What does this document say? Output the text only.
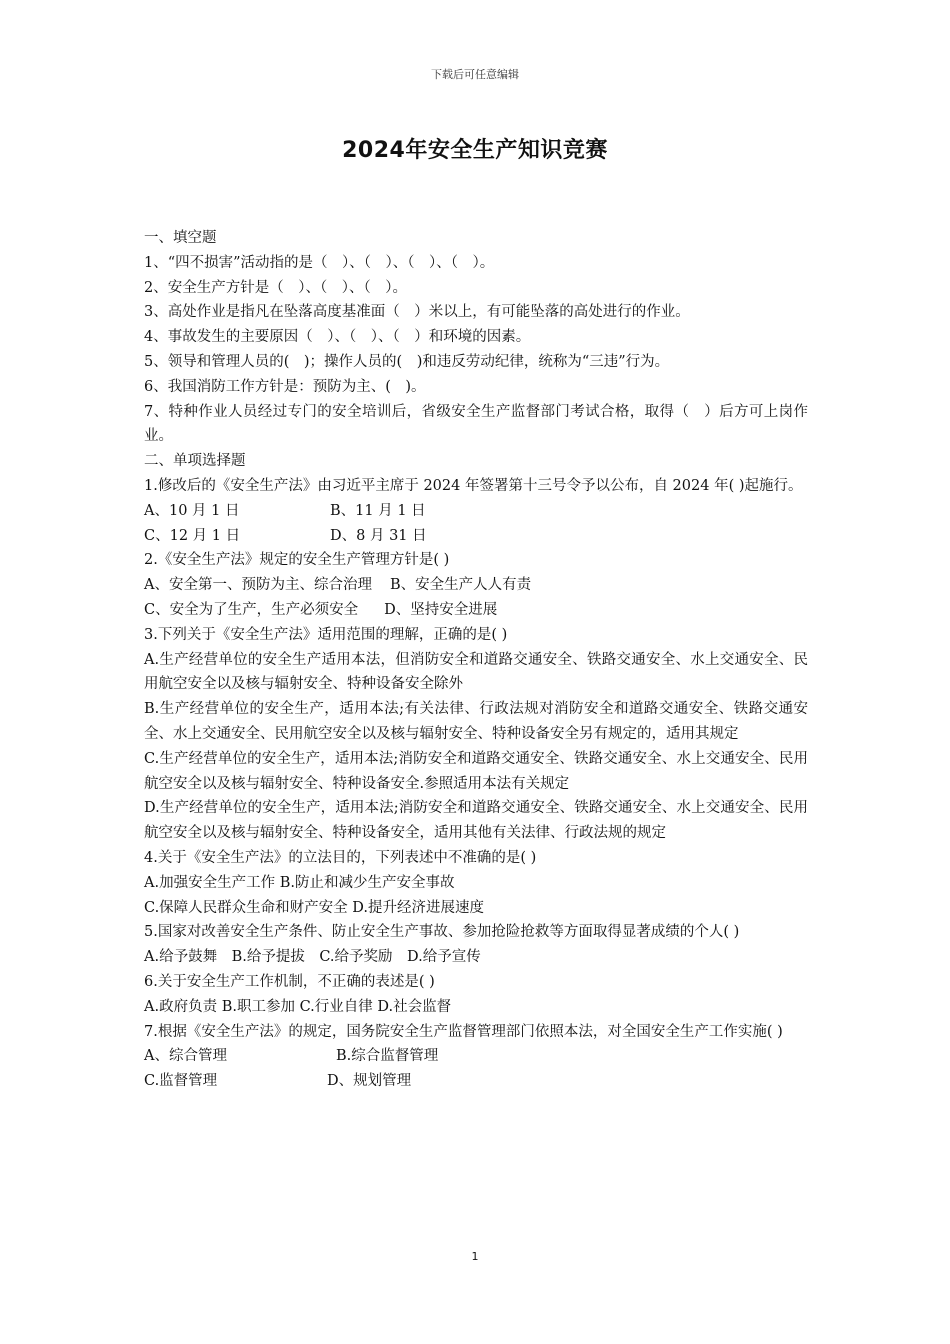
下载后可任意编辑
2024年安全生产知识竞赛
一、填空题
1、“四不损害”活动指的是（　）、（　）、（　）、（　）。
2、安全生产方针是（　）、（　）、（　）。
3、高处作业是指凡在坠落高度基准面（　）米以上，有可能坠落的高处进行的作业。
4、事故发生的主要原因（　）、（　）、（　）和环境的因素。
5、领导和管理人员的(　)；操作人员的(　)和违反劳动纪律，统称为“三违”行为。
6、我国消防工作方针是：预防为主、(　)。
7、特种作业人员经过专门的安全培训后，省级安全生产监督部门考试合格，取得（　）后方可上岗作业。
二、单项选择题
1.修改后的《安全生产法》由习近平主席于 2024 年签署第十三号令予以公布，自 2024 年( )起施行。
A、10 月 1 日	B、11 月 1 日
C、12 月 1 日	D、8 月 31 日
2.《安全生产法》规定的安全生产管理方针是( )
A、安全第一、预防为主、综合治理 B、安全生产人人有责
C、安全为了生产，生产必须安全 D、坚持安全进展
3.下列关于《安全生产法》适用范围的理解，正确的是( )
A.生产经营单位的安全生产适用本法，但消防安全和道路交通安全、铁路交通安全、水上交通安全、民用航空安全以及核与辐射安全、特种设备安全除外
B.生产经营单位的安全生产，适用本法;有关法律、行政法规对消防安全和道路交通安全、铁路交通安全、水上交通安全、民用航空安全以及核与辐射安全、特种设备安全另有规定的，适用其规定
C.生产经营单位的安全生产，适用本法;消防安全和道路交通安全、铁路交通安全、水上交通安全、民用航空安全以及核与辐射安全、特种设备安全.参照适用本法有关规定
D.生产经营单位的安全生产，适用本法;消防安全和道路交通安全、铁路交通安全、水上交通安全、民用航空安全以及核与辐射安全、特种设备安全，适用其他有关法律、行政法规的规定
4.关于《安全生产法》的立法目的，下列表述中不准确的是( )
A.加强安全生产工作 B.防止和减少生产安全事故
C.保障人民群众生命和财产安全 D.提升经济进展速度
5.国家对改善安全生产条件、防止安全生产事故、参加抢险抢救等方面取得显著成绩的个人( )
A.给予鼓舞　B.给予提拔　C.给予奖励　D.给予宣传
6.关于安全生产工作机制，不正确的表述是( )
A.政府负责 B.职工参加 C.行业自律 D.社会监督
7.根据《安全生产法》的规定，国务院安全生产监督管理部门依照本法，对全国安全生产工作实施( )
A、综合管理	B.综合监督管理
C.监督管理	D、规划管理
1
